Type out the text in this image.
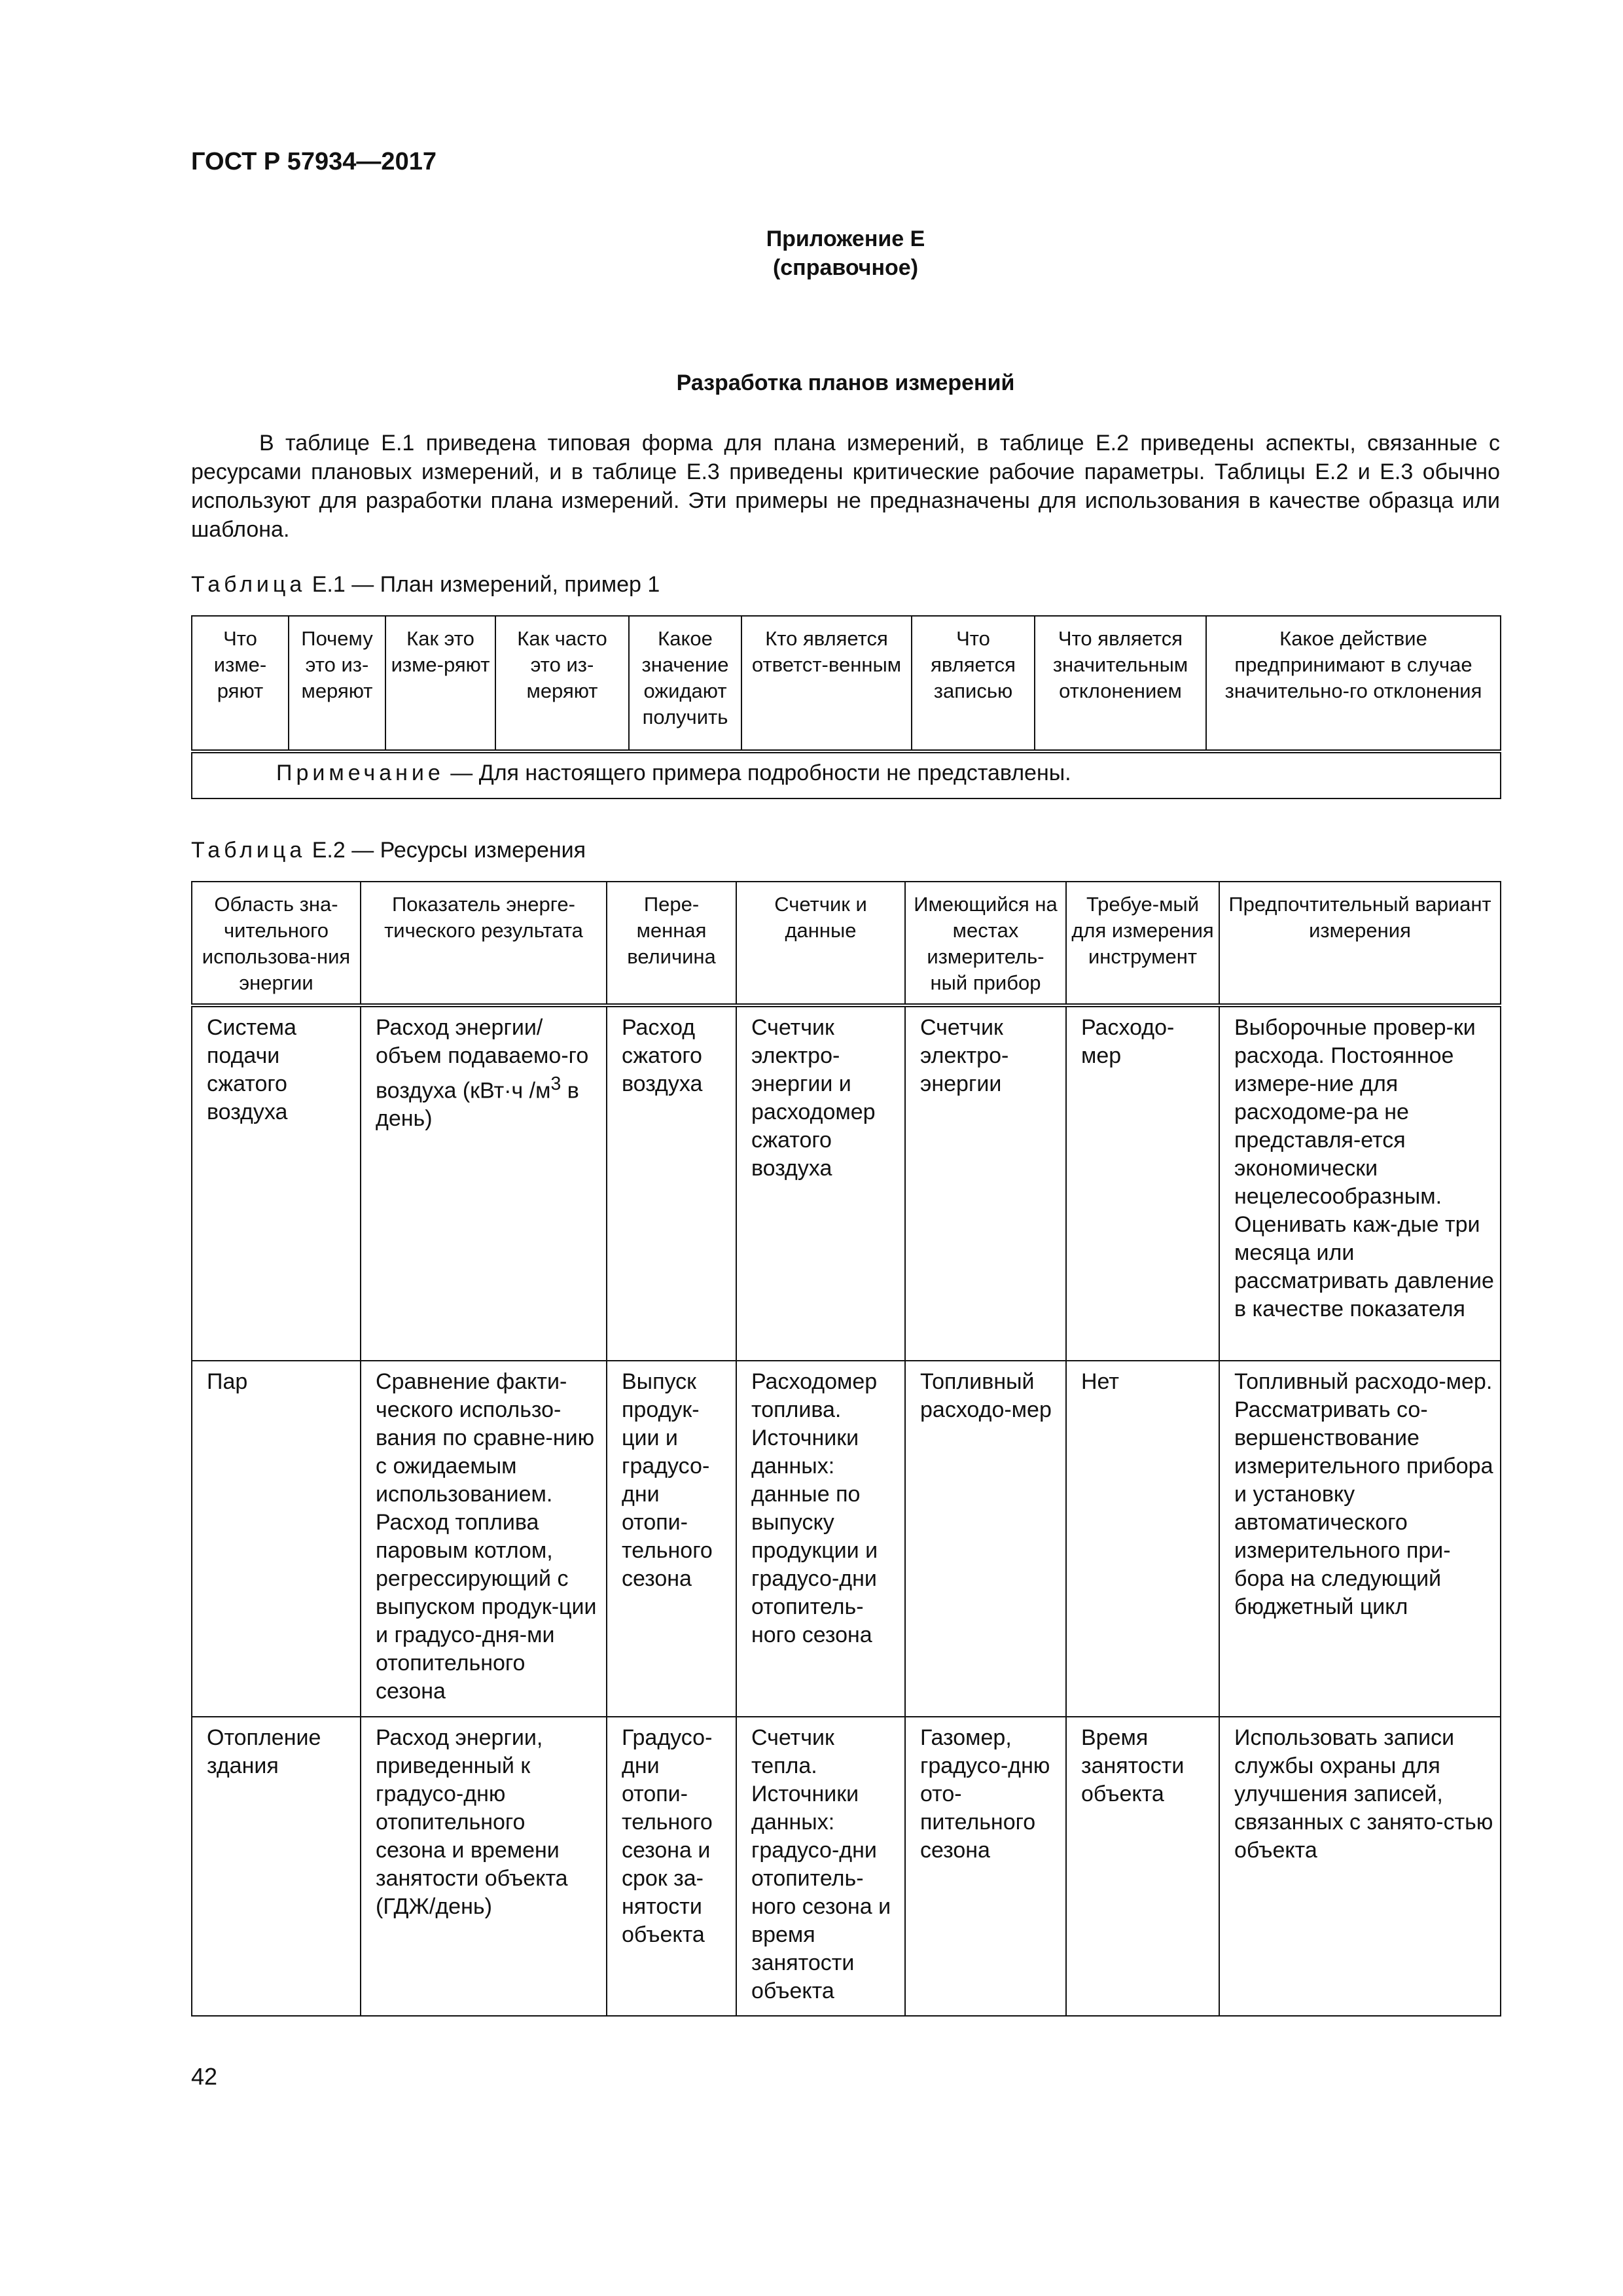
ГОСТ Р 57934—2017
Приложение Е
(справочное)
Разработка планов измерений
В таблице Е.1 приведена типовая форма для плана измерений, в таблице Е.2 приведены аспекты, связанные с ресурсами плановых измерений, и в таблице Е.3 приведены критические рабочие параметры. Таблицы Е.2 и Е.3 обычно используют для разработки плана измерений. Эти примеры не предназначены для использования в качестве образца или шаблона.
Таблица Е.1 — План измерений, пример 1
Что изме-ряют	Почему это из-меряют	Как это изме-ряют	Как часто это из-меряют	Какое значение ожидают получить	Кто является ответст-венным	Что является записью	Что является значительным отклонением	Какое действие предпринимают в случае значительно-го отклонения
Примечание — Для настоящего примера подробности не представлены.
Таблица Е.2 — Ресурсы измерения
Область зна-чительного использова-ния энергии	Показатель энерге-тического результата	Пере-менная величина	Счетчик и данные	Имеющийся на местах измеритель-ный прибор	Требуе-мый для измерения инструмент	Предпочтительный вариант измерения
Система подачи сжатого воздуха	Расход энергии/ объем подаваемо-го воздуха (кВт·ч $/м^3$ в день)	Расход сжатого воздуха	Счетчик электро-энергии и расходомер сжатого воздуха	Счетчик электро-энергии	Расходо-мер	Выборочные провер-ки расхода. Постоянное измере-ние для расходоме-ра не представля-ется экономически нецелесообразным. Оценивать каж-дые три месяца или рассматривать давление в качестве показателя
Пар	Сравнение факти-ческого использо-вания по сравне-нию с ожидаемым использованием. Расход топлива паровым котлом, регрессирующий с выпуском продук-ции и градусо-дня-ми отопительного сезона	Выпуск продук-ции и градусо-дни отопи-тельного сезона	Расходомер топлива. Источники данных: данные по выпуску продукции и градусо-дни отопитель-ного сезона	Топливный расходо-мер	Нет	Топливный расходо-мер. Рассматривать со-вершенствование измерительного прибора и установку автоматического измерительного при-бора на следующий бюджетный цикл
Отопление здания	Расход энергии, приведенный к градусо-дню отопительного сезона и времени занятости объекта (ГДЖ/день)	Градусо-дни отопи-тельного сезона и срок за-нятости объекта	Счетчик тепла. Источники данных: градусо-дни отопитель-ного сезона и время занятости объекта	Газомер, градусо-дню ото-пительного сезона	Время занятости объекта	Использовать записи службы охраны для улучшения записей, связанных с занято-стью объекта
42
